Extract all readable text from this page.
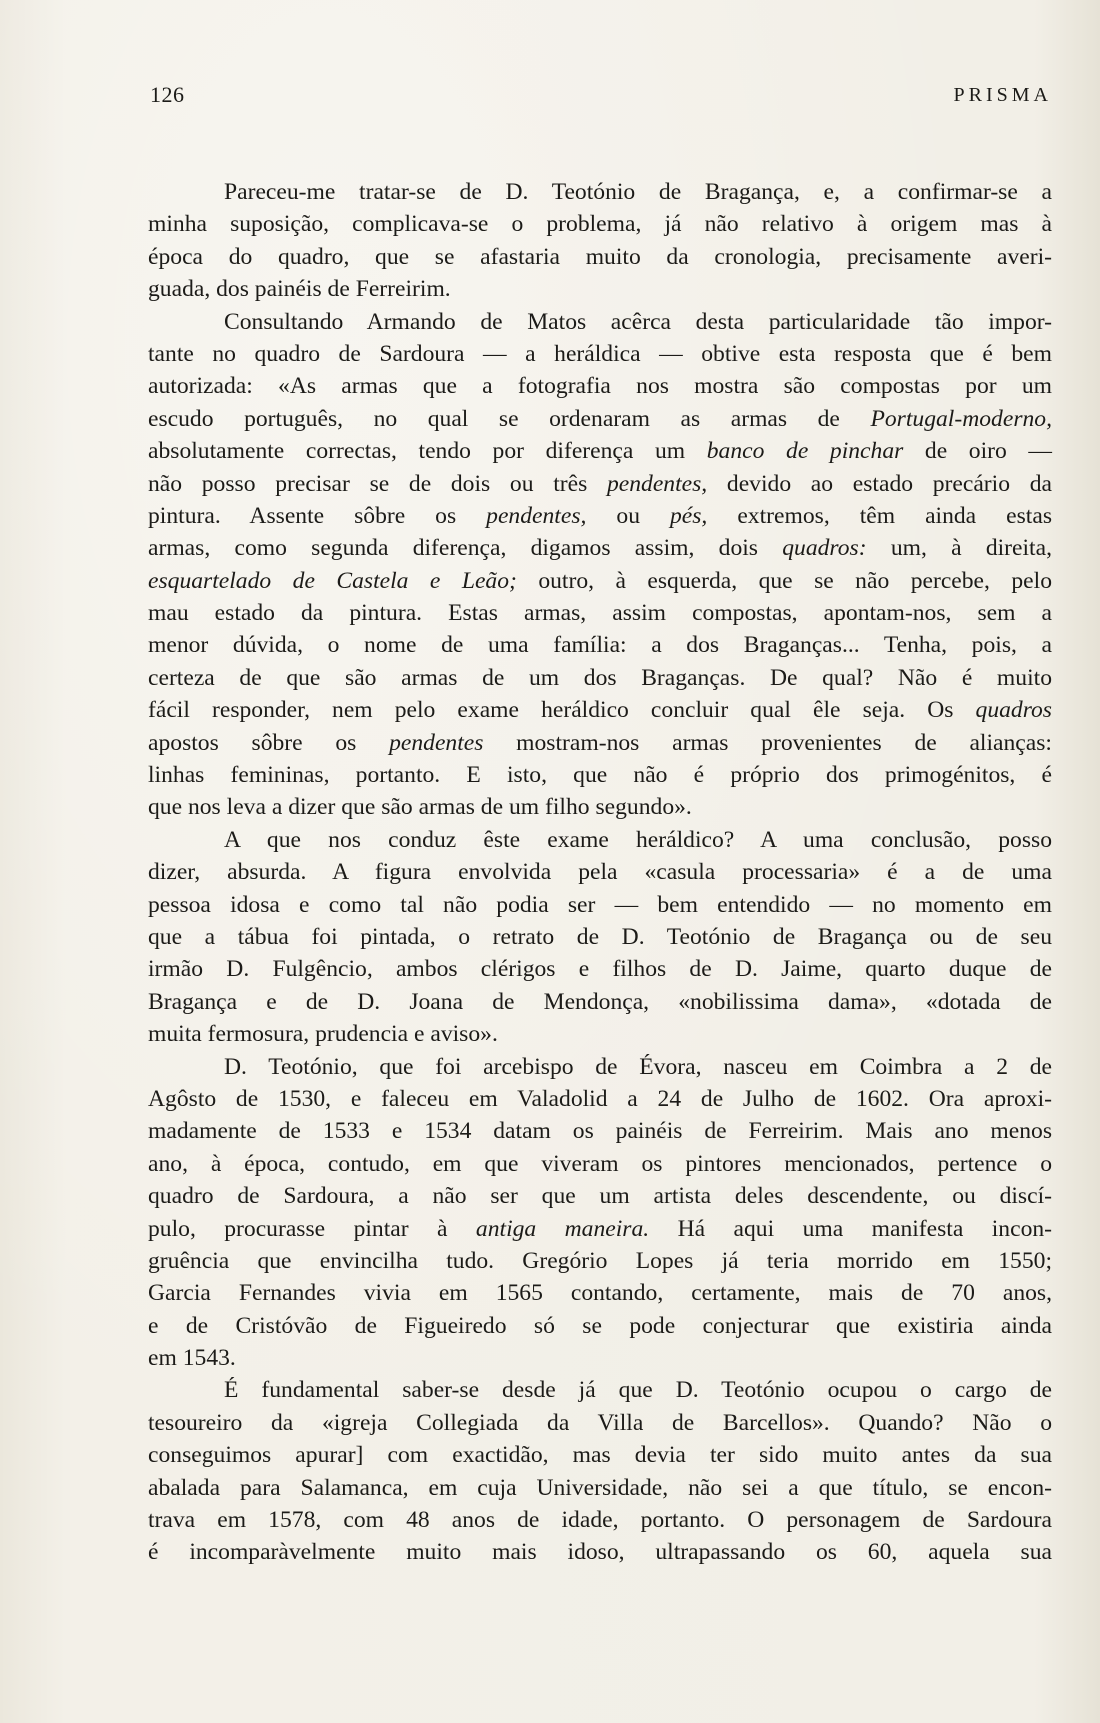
126	PRISMA
Pareceu-me tratar-se de D. Teotónio de Bragança, e, a confirmar-se a
minha suposição, complicava-se o problema, já não relativo à origem mas à
época do quadro, que se afastaria muito da cronologia, precisamente averi-
guada, dos painéis de Ferreirim.
Consultando Armando de Matos acêrca desta particularidade tão impor-
tante no quadro de Sardoura — a heráldica — obtive esta resposta que é bem
autorizada: «As armas que a fotografia nos mostra são compostas por um
escudo português, no qual se ordenaram as armas de Portugal-moderno,
absolutamente correctas, tendo por diferença um banco de pinchar de oiro —
não posso precisar se de dois ou três pendentes, devido ao estado precário da
pintura. Assente sôbre os pendentes, ou pés, extremos, têm ainda estas
armas, como segunda diferença, digamos assim, dois quadros: um, à direita,
esquartelado de Castela e Leão; outro, à esquerda, que se não percebe, pelo
mau estado da pintura. Estas armas, assim compostas, apontam-nos, sem a
menor dúvida, o nome de uma família: a dos Braganças... Tenha, pois, a
certeza de que são armas de um dos Braganças. De qual? Não é muito
fácil responder, nem pelo exame heráldico concluir qual êle seja. Os quadros
apostos sôbre os pendentes mostram-nos armas provenientes de alianças:
linhas femininas, portanto. E isto, que não é próprio dos primogénitos, é
que nos leva a dizer que são armas de um filho segundo».
A que nos conduz êste exame heráldico? A uma conclusão, posso
dizer, absurda. A figura envolvida pela «casula processaria» é a de uma
pessoa idosa e como tal não podia ser — bem entendido — no momento em
que a tábua foi pintada, o retrato de D. Teotónio de Bragança ou de seu
irmão D. Fulgêncio, ambos clérigos e filhos de D. Jaime, quarto duque de
Bragança e de D. Joana de Mendonça, «nobilissima dama», «dotada de
muita fermosura, prudencia e aviso».
D. Teotónio, que foi arcebispo de Évora, nasceu em Coimbra a 2 de
Agôsto de 1530, e faleceu em Valadolid a 24 de Julho de 1602. Ora aproxi-
madamente de 1533 e 1534 datam os painéis de Ferreirim. Mais ano menos
ano, à época, contudo, em que viveram os pintores mencionados, pertence o
quadro de Sardoura, a não ser que um artista deles descendente, ou discí-
pulo, procurasse pintar à antiga maneira. Há aqui uma manifesta incon-
gruência que envincilha tudo. Gregório Lopes já teria morrido em 1550;
Garcia Fernandes vivia em 1565 contando, certamente, mais de 70 anos,
e de Cristóvão de Figueiredo só se pode conjecturar que existiria ainda
em 1543.
É fundamental saber-se desde já que D. Teotónio ocupou o cargo de
tesoureiro da «igreja Collegiada da Villa de Barcellos». Quando? Não o
conseguimos apurar] com exactidão, mas devia ter sido muito antes da sua
abalada para Salamanca, em cuja Universidade, não sei a que título, se encon-
trava em 1578, com 48 anos de idade, portanto. O personagem de Sardoura
é incomparàvelmente muito mais idoso, ultrapassando os 60, aquela sua
